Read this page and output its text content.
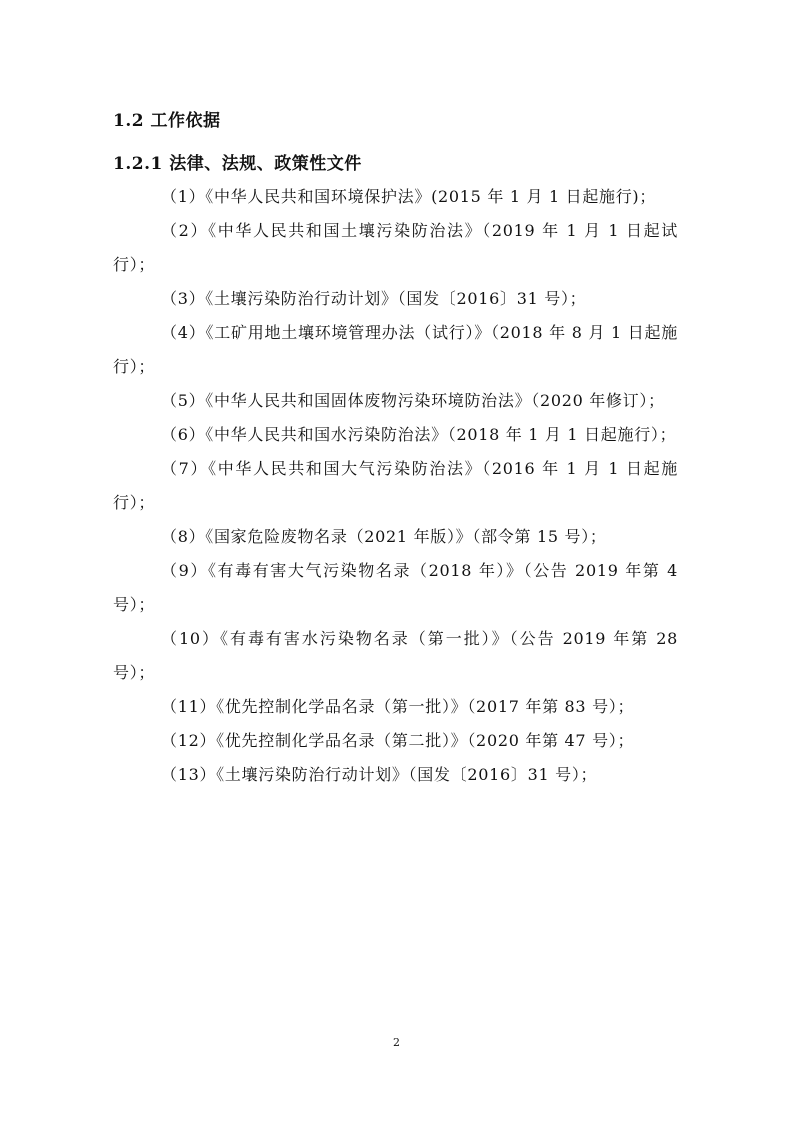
1.2 工作依据
1.2.1 法律、法规、政策性文件

（1）《中华人民共和国环境保护法》(2015 年 1 月 1 日起施行)；

（2）《中华人民共和国土壤污染防治法》（2019 年 1 月 1 日起试行）；

（3）《土壤污染防治行动计划》（国发〔2016〕31 号）；

（4）《工矿用地土壤环境管理办法（试行）》（2018 年 8 月 1 日起施行）；

（5）《中华人民共和国固体废物污染环境防治法》（2020 年修订）；

（6）《中华人民共和国水污染防治法》（2018 年 1 月 1 日起施行）；

（7）《中华人民共和国大气污染防治法》（2016 年 1 月 1 日起施行）；

（8）《国家危险废物名录（2021 年版）》（部令第 15 号）；

（9）《有毒有害大气污染物名录（2018 年）》（公告 2019 年第 4 号）；

（10）《有毒有害水污染物名录（第一批）》（公告 2019 年第 28 号）；

（11）《优先控制化学品名录（第一批）》（2017 年第 83 号）；

（12）《优先控制化学品名录（第二批）》（2020 年第 47 号）；

（13）《土壤污染防治行动计划》（国发〔2016〕31 号）；

2
